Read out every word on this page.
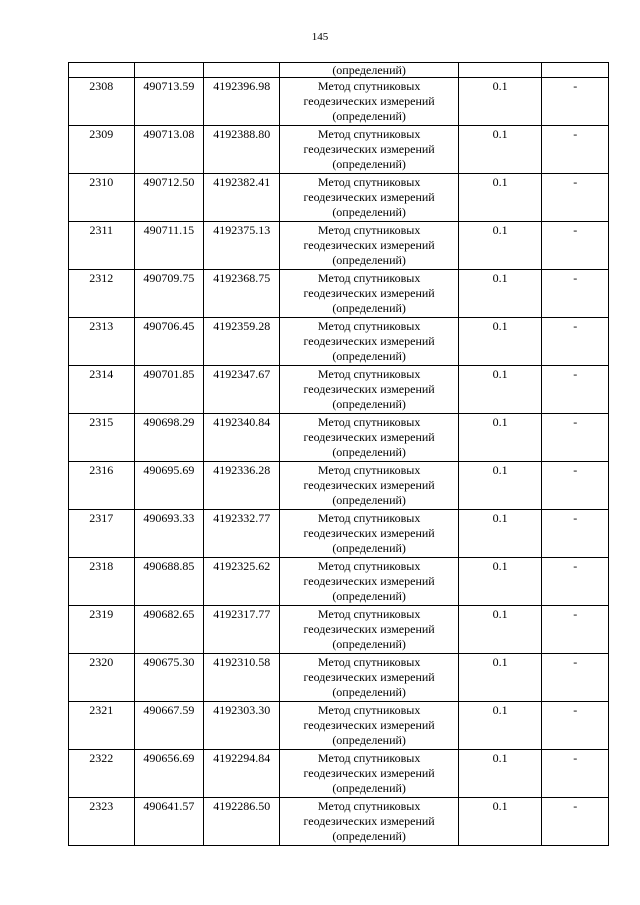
145
			(определений)		
2308	490713.59	4192396.98	Метод спутниковых
геодезических измерений
(определений)	0.1	-
2309	490713.08	4192388.80	Метод спутниковых
геодезических измерений
(определений)	0.1	-
2310	490712.50	4192382.41	Метод спутниковых
геодезических измерений
(определений)	0.1	-
2311	490711.15	4192375.13	Метод спутниковых
геодезических измерений
(определений)	0.1	-
2312	490709.75	4192368.75	Метод спутниковых
геодезических измерений
(определений)	0.1	-
2313	490706.45	4192359.28	Метод спутниковых
геодезических измерений
(определений)	0.1	-
2314	490701.85	4192347.67	Метод спутниковых
геодезических измерений
(определений)	0.1	-
2315	490698.29	4192340.84	Метод спутниковых
геодезических измерений
(определений)	0.1	-
2316	490695.69	4192336.28	Метод спутниковых
геодезических измерений
(определений)	0.1	-
2317	490693.33	4192332.77	Метод спутниковых
геодезических измерений
(определений)	0.1	-
2318	490688.85	4192325.62	Метод спутниковых
геодезических измерений
(определений)	0.1	-
2319	490682.65	4192317.77	Метод спутниковых
геодезических измерений
(определений)	0.1	-
2320	490675.30	4192310.58	Метод спутниковых
геодезических измерений
(определений)	0.1	-
2321	490667.59	4192303.30	Метод спутниковых
геодезических измерений
(определений)	0.1	-
2322	490656.69	4192294.84	Метод спутниковых
геодезических измерений
(определений)	0.1	-
2323	490641.57	4192286.50	Метод спутниковых
геодезических измерений
(определений)	0.1	-
